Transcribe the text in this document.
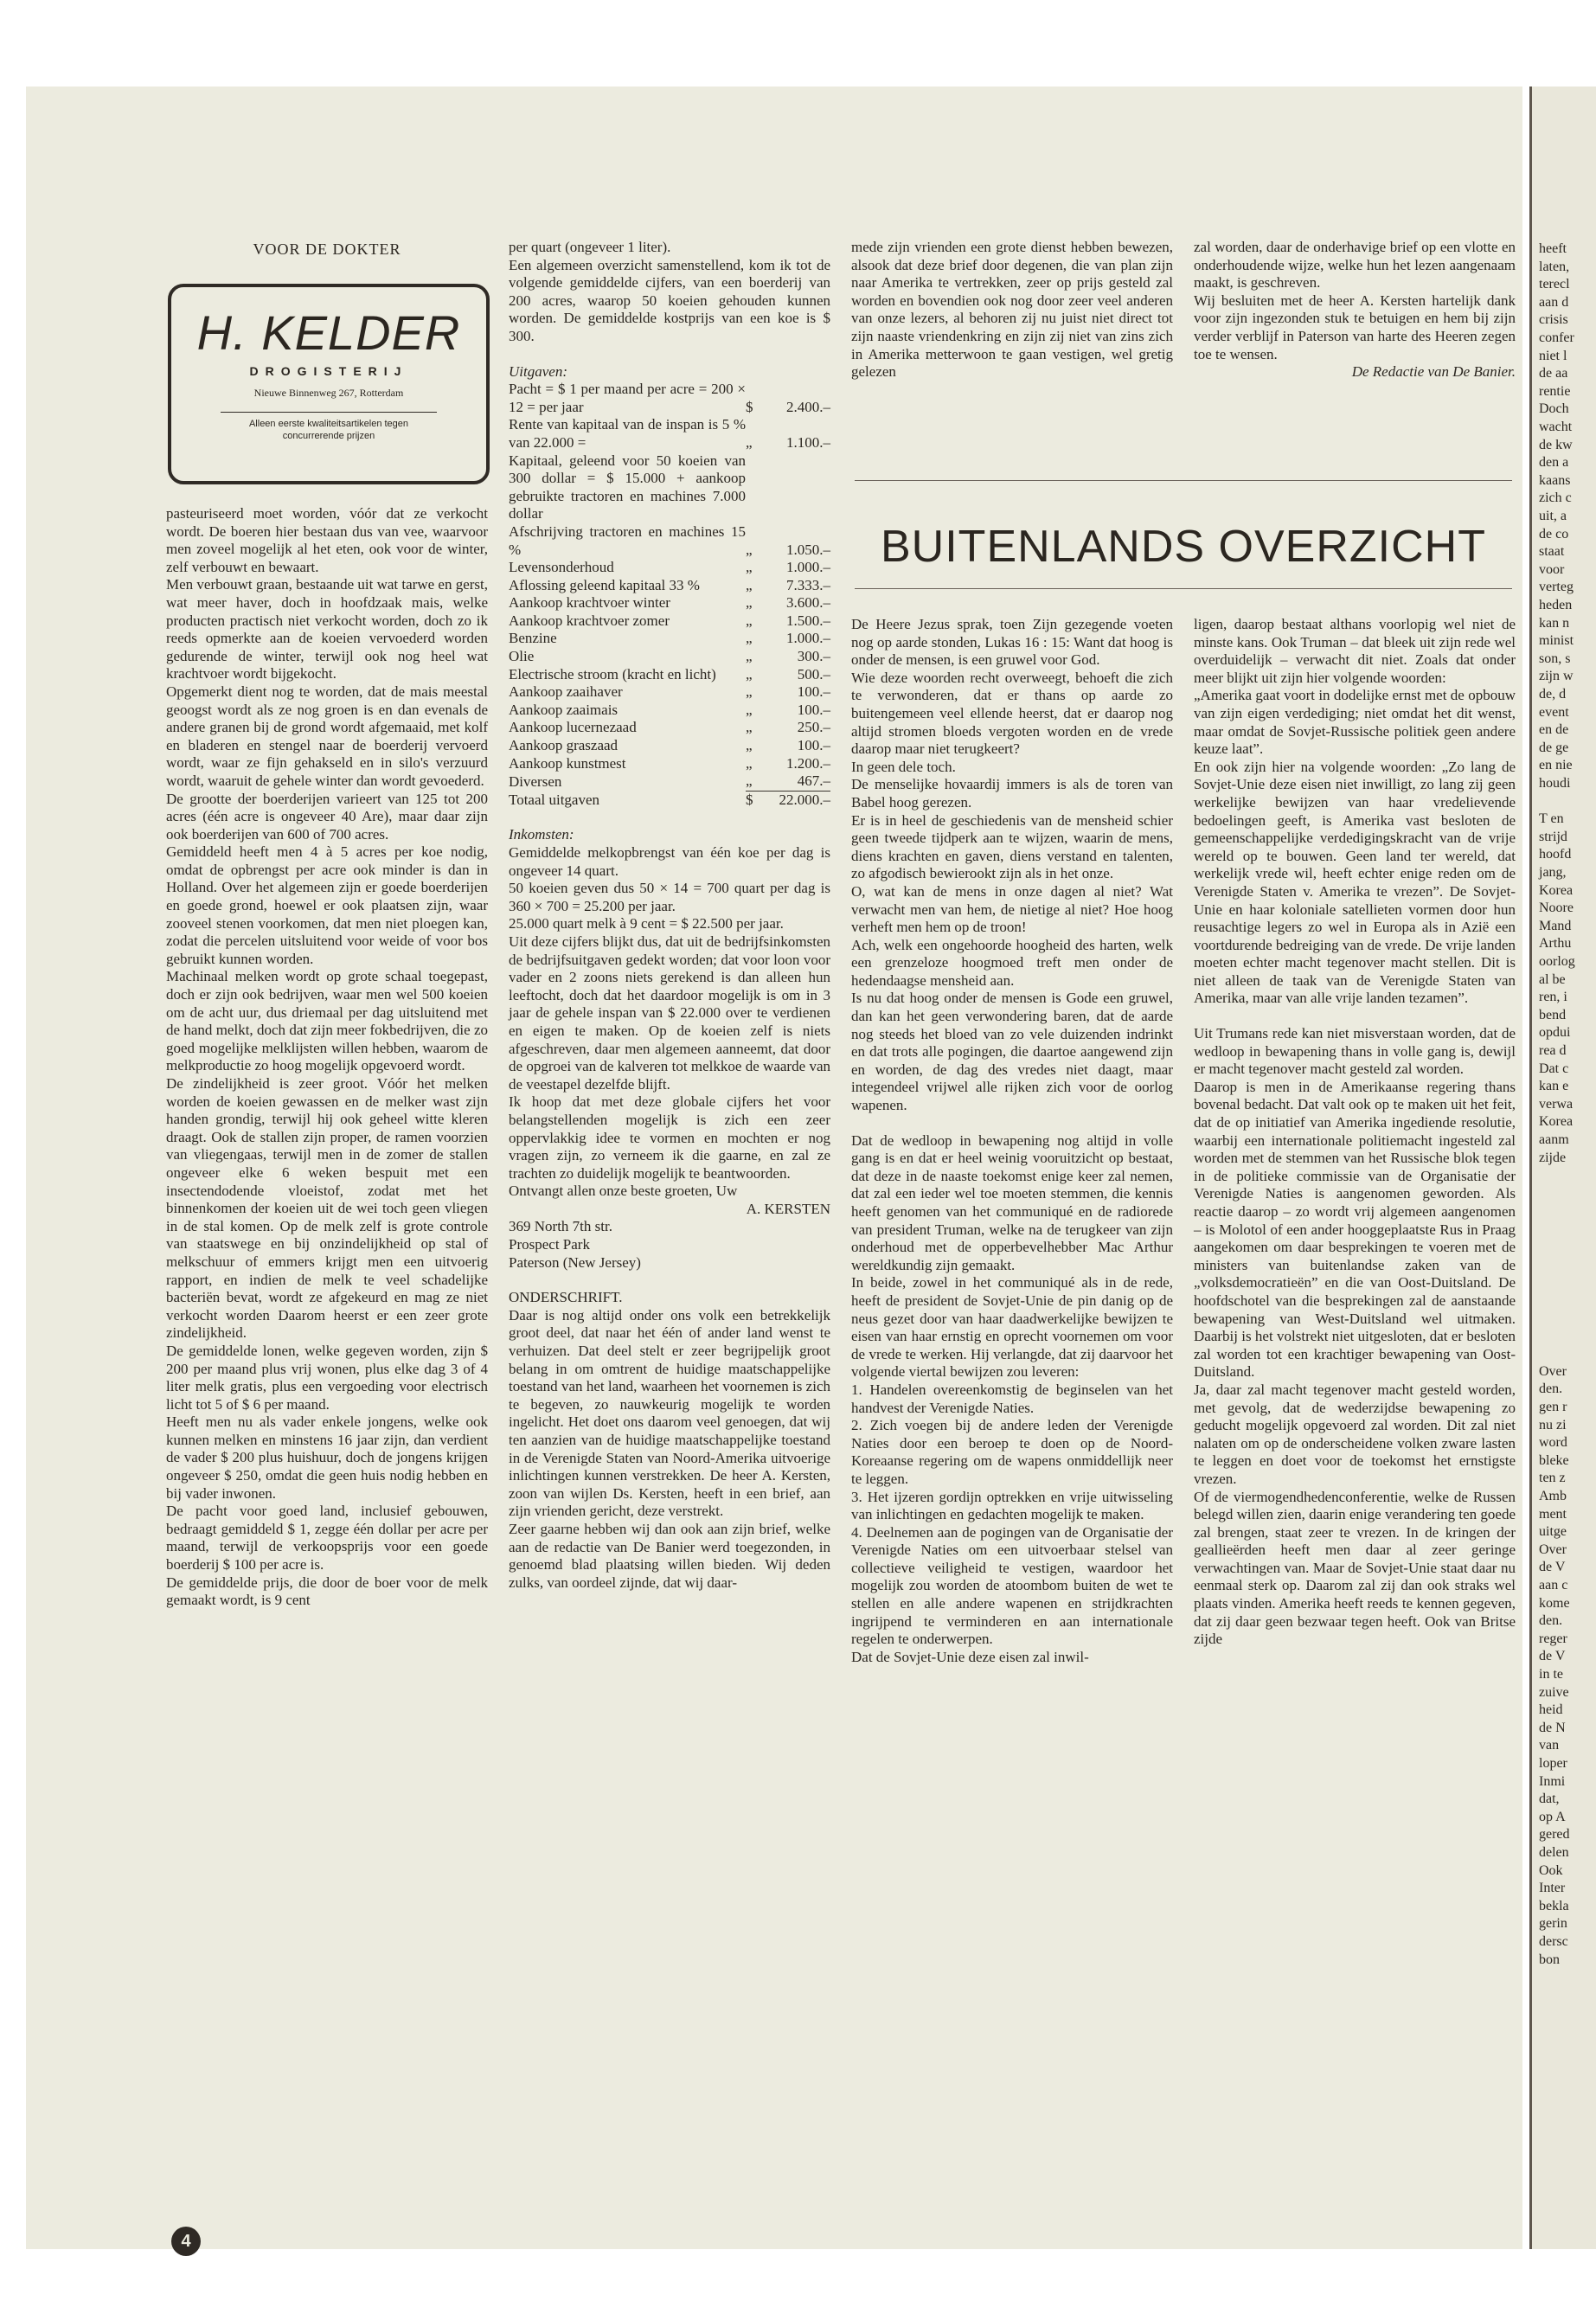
VOOR DE DOKTER
H. KELDER
DROGISTERIJ
Nieuwe Binnenweg 267, Rotterdam
Alleen eerste kwaliteitsartikelen tegen concurrerende prijzen

pasteuriseerd moet worden, vóór dat ze verkocht wordt. De boeren hier bestaan dus van vee, waarvoor men zoveel mogelijk al het eten, ook voor de winter, zelf verbouwt en bewaart.

Men verbouwt graan, bestaande uit wat tarwe en gerst, wat meer haver, doch in hoofdzaak mais, welke producten practisch niet verkocht worden, doch zo ik reeds opmerkte aan de koeien vervoederd worden gedurende de winter, terwijl ook nog heel wat krachtvoer wordt bijgekocht.

Opgemerkt dient nog te worden, dat de mais meestal geoogst wordt als ze nog groen is en dan evenals de andere granen bij de grond wordt afgemaaid, met kolf en bladeren en stengel naar de boerderij vervoerd wordt, waar ze fijn gehakseld en in silo's verzuurd wordt, waaruit de gehele winter dan wordt gevoederd.

De grootte der boerderijen varieert van 125 tot 200 acres (één acre is ongeveer 40 Are), maar daar zijn ook boerderijen van 600 of 700 acres.

Gemiddeld heeft men 4 à 5 acres per koe nodig, omdat de opbrengst per acre ook minder is dan in Holland. Over het algemeen zijn er goede boerderijen en goede grond, hoewel er ook plaatsen zijn, waar zooveel stenen voorkomen, dat men niet ploegen kan, zodat die percelen uitsluitend voor weide of voor bos gebruikt kunnen worden.

Machinaal melken wordt op grote schaal toegepast, doch er zijn ook bedrijven, waar men wel 500 koeien om de acht uur, dus driemaal per dag uitsluitend met de hand melkt, doch dat zijn meer fokbedrijven, die zo goed mogelijke melklijsten willen hebben, waarom de melkproductie zo hoog mogelijk opgevoerd wordt.

De zindelijkheid is zeer groot. Vóór het melken worden de koeien gewassen en de melker wast zijn handen grondig, terwijl hij ook geheel witte kleren draagt. Ook de stallen zijn proper, de ramen voorzien van vliegengaas, terwijl men in de zomer de stallen ongeveer elke 6 weken bespuit met een insectendodende vloeistof, zodat met het binnenkomen der koeien uit de wei toch geen vliegen in de stal komen. Op de melk zelf is grote controle van staatswege en bij onzindelijkheid op stal of melkschuur of emmers krijgt men een uitvoerig rapport, en indien de melk te veel schadelijke bacteriën bevat, wordt ze afgekeurd en mag ze niet verkocht worden Daarom heerst er een zeer grote zindelijkheid.

De gemiddelde lonen, welke gegeven worden, zijn $ 200 per maand plus vrij wonen, plus elke dag 3 of 4 liter melk gratis, plus een vergoeding voor electrisch licht tot 5 of $ 6 per maand.

Heeft men nu als vader enkele jongens, welke ook kunnen melken en minstens 16 jaar zijn, dan verdient de vader $ 200 plus huishuur, doch de jongens krijgen ongeveer $ 250, omdat die geen huis nodig hebben en bij vader inwonen.

De pacht voor goed land, inclusief gebouwen, bedraagt gemiddeld $ 1, zegge één dollar per acre per maand, terwijl de verkoopsprijs voor een goede boerderij $ 100 per acre is.

De gemiddelde prijs, die door de boer voor de melk gemaakt wordt, is 9 cent

per quart (ongeveer 1 liter).

Een algemeen overzicht samenstellend, kom ik tot de volgende gemiddelde cijfers, van een boerderij van 200 acres, waarop 50 koeien gehouden kunnen worden. De gemiddelde kostprijs van een koe is $ 300.

Uitgaven:

Pacht = $ 1 per maand per acre = 200 × 12 = per jaar	$	2.400.–
Rente van kapitaal van de inspan is 5 % van 22.000 =	„	1.100.–
Kapitaal, geleend voor 50 koeien van 300 dollar = $ 15.000 + aankoop gebruikte tractoren en machines 7.000 dollar		
Afschrijving tractoren en machines 15 %	„	1.050.–
Levensonderhoud	„	1.000.–
Aflossing geleend kapitaal 33 %	„	7.333.–
Aankoop krachtvoer winter	„	3.600.–
Aankoop krachtvoer zomer	„	1.500.–
Benzine	„	1.000.–
Olie	„	300.–
Electrische stroom (kracht en licht)	„	500.–
Aankoop zaaihaver	„	100.–
Aankoop zaaimais	„	100.–
Aankoop lucernezaad	„	250.–
Aankoop graszaad	„	100.–
Aankoop kunstmest	„	1.200.–
Diversen	„	467.–
Totaal uitgaven	$	22.000.–

Inkomsten:

Gemiddelde melkopbrengst van één koe per dag is ongeveer 14 quart.

50 koeien geven dus 50 × 14 = 700 quart per dag is 360 × 700 = 25.200 per jaar.

25.000 quart melk à 9 cent = $ 22.500 per jaar.

Uit deze cijfers blijkt dus, dat uit de bedrijfsinkomsten de bedrijfsuitgaven gedekt worden; dat voor loon voor vader en 2 zoons niets gerekend is dan alleen hun leeftocht, doch dat het daardoor mogelijk is om in 3 jaar de gehele inspan van $ 22.000 over te verdienen en eigen te maken. Op de koeien zelf is niets afgeschreven, daar men algemeen aanneemt, dat door de opgroei van de kalveren tot melkkoe de waarde van de veestapel dezelfde blijft.

Ik hoop dat met deze globale cijfers het voor belangstellenden mogelijk is zich een zeer oppervlakkig idee te vormen en mochten er nog vragen zijn, zo verneem ik die gaarne, en zal ze trachten zo duidelijk mogelijk te beantwoorden.

Ontvangt allen onze beste groeten, Uw

A. KERSTEN

369 North 7th str.

Prospect Park

Paterson (New Jersey)

ONDERSCHRIFT.

Daar is nog altijd onder ons volk een betrekkelijk groot deel, dat naar het één of ander land wenst te verhuizen. Dat deel stelt er zeer begrijpelijk groot belang in om omtrent de huidige maatschappelijke toestand van het land, waarheen het voornemen is zich te begeven, zo nauwkeurig mogelijk te worden ingelicht. Het doet ons daarom veel genoegen, dat wij ten aanzien van de huidige maatschappelijke toestand in de Verenigde Staten van Noord-Amerika uitvoerige inlichtingen kunnen verstrekken. De heer A. Kersten, zoon van wijlen Ds. Kersten, heeft in een brief, aan zijn vrienden gericht, deze verstrekt.

Zeer gaarne hebben wij dan ook aan zijn brief, welke aan de redactie van De Banier werd toegezonden, in genoemd blad plaatsing willen bieden. Wij deden zulks, van oordeel zijnde, dat wij daar-

mede zijn vrienden een grote dienst hebben bewezen, alsook dat deze brief door degenen, die van plan zijn naar Amerika te vertrekken, zeer op prijs gesteld zal worden en bovendien ook nog door zeer veel anderen van onze lezers, al behoren zij nu juist niet direct tot zijn naaste vriendenkring en zijn zij niet van zins zich in Amerika metterwoon te gaan vestigen, wel gretig gelezen

zal worden, daar de onderhavige brief op een vlotte en onderhoudende wijze, welke hun het lezen aangenaam maakt, is geschreven.

Wij besluiten met de heer A. Kersten hartelijk dank voor zijn ingezonden stuk te betuigen en hem bij zijn verder verblijf in Paterson van harte des Heeren zegen toe te wensen.

De Redactie van De Banier.

BUITENLANDS OVERZICHT

De Heere Jezus sprak, toen Zijn gezegende voeten nog op aarde stonden, Lukas 16 : 15: Want dat hoog is onder de mensen, is een gruwel voor God.

Wie deze woorden recht overweegt, behoeft die zich te verwonderen, dat er thans op aarde zo buitengemeen veel ellende heerst, dat er daarop nog altijd stromen bloeds vergoten worden en de vrede daarop maar niet terugkeert?

In geen dele toch.

De menselijke hovaardij immers is als de toren van Babel hoog gerezen.

Er is in heel de geschiedenis van de mensheid schier geen tweede tijdperk aan te wijzen, waarin de mens, diens krachten en gaven, diens verstand en talenten, zo afgodisch bewierookt zijn als in het onze.

O, wat kan de mens in onze dagen al niet? Wat verwacht men van hem, de nietige al niet? Hoe hoog verheft men hem op de troon!

Ach, welk een ongehoorde hoogheid des harten, welk een grenzeloze hoogmoed treft men onder de hedendaagse mensheid aan.

Is nu dat hoog onder de mensen is Gode een gruwel, dan kan het geen verwondering baren, dat de aarde nog steeds het bloed van zo vele duizenden indrinkt en dat trots alle pogingen, die daartoe aangewend zijn en worden, de dag des vredes niet daagt, maar integendeel vrijwel alle rijken zich voor de oorlog wapenen.

Dat de wedloop in bewapening nog altijd in volle gang is en dat er heel weinig vooruitzicht op bestaat, dat deze in de naaste toekomst enige keer zal nemen, dat zal een ieder wel toe moeten stemmen, die kennis heeft genomen van het communiqué en de radiorede van president Truman, welke na de terugkeer van zijn onderhoud met de opperbevelhebber Mac Arthur wereldkundig zijn gemaakt.

In beide, zowel in het communiqué als in de rede, heeft de president de Sovjet-Unie de pin danig op de neus gezet door van haar daadwerkelijke bewijzen te eisen van haar ernstig en oprecht voornemen om voor de vrede te werken. Hij verlangde, dat zij daarvoor het volgende viertal bewijzen zou leveren:

1. Handelen overeenkomstig de beginselen van het handvest der Verenigde Naties.

2. Zich voegen bij de andere leden der Verenigde Naties door een beroep te doen op de Noord-Koreaanse regering om de wapens onmiddellijk neer te leggen.

3. Het ijzeren gordijn optrekken en vrije uitwisseling van inlichtingen en gedachten mogelijk te maken.

4. Deelnemen aan de pogingen van de Organisatie der Verenigde Naties om een uitvoerbaar stelsel van collectieve veiligheid te vestigen, waardoor het mogelijk zou worden de atoombom buiten de wet te stellen en alle andere wapenen en strijdkrachten ingrijpend te verminderen en aan internationale regelen te onderwerpen.

Dat de Sovjet-Unie deze eisen zal inwil-

ligen, daarop bestaat althans voorlopig wel niet de minste kans. Ook Truman – dat bleek uit zijn rede wel overduidelijk – verwacht dit niet. Zoals dat onder meer blijkt uit zijn hier volgende woorden:

„Amerika gaat voort in dodelijke ernst met de opbouw van zijn eigen verdediging; niet omdat het dit wenst, maar omdat de Sovjet-Russische politiek geen andere keuze laat”.

En ook zijn hier na volgende woorden: „Zo lang de Sovjet-Unie deze eisen niet inwilligt, zo lang zij geen werkelijke bewijzen van haar vredelievende bedoelingen geeft, is Amerika vast besloten de gemeenschappelijke verdedigingskracht van de vrije wereld op te bouwen. Geen land ter wereld, dat werkelijk vrede wil, heeft echter enige reden om de Verenigde Staten v. Amerika te vrezen”. De Sovjet-Unie en haar koloniale satellieten vormen door hun reusachtige legers zo wel in Europa als in Azië een voortdurende bedreiging van de vrede. De vrije landen moeten echter macht tegenover macht stellen. Dit is niet alleen de taak van de Verenigde Staten van Amerika, maar van alle vrije landen tezamen”.

Uit Trumans rede kan niet misverstaan worden, dat de wedloop in bewapening thans in volle gang is, dewijl er macht tegenover macht gesteld zal worden.

Daarop is men in de Amerikaanse regering thans bovenal bedacht. Dat valt ook op te maken uit het feit, dat de op initiatief van Amerika ingediende resolutie, waarbij een internationale politiemacht ingesteld zal worden met de stemmen van het Russische blok tegen in de politieke commissie van de Organisatie der Verenigde Naties is aangenomen geworden. Als reactie daarop – zo wordt vrij algemeen aangenomen – is Molotol of een ander hooggeplaatste Rus in Praag aangekomen om daar besprekingen te voeren met de ministers van buitenlandse zaken van de „volksdemocratieën” en die van Oost-Duitsland. De hoofdschotel van die besprekingen zal de aanstaande bewapening van West-Duitsland wel uitmaken. Daarbij is het volstrekt niet uitgesloten, dat er besloten zal worden tot een krachtiger bewapening van Oost-Duitsland.

Ja, daar zal macht tegenover macht gesteld worden, met gevolg, dat de wederzijdse bewapening zo geducht mogelijk opgevoerd zal worden. Dit zal niet nalaten om op de onderscheidene volken zware lasten te leggen en doet voor de toekomst het ernstigste vrezen.

Of de viermogendhedenconferentie, welke de Russen belegd willen zien, daarin enige verandering ten goede zal brengen, staat zeer te vrezen. In de kringen der geallieërden heeft men daar al zeer geringe verwachtingen van. Maar de Sovjet-Unie staat daar nu eenmaal sterk op. Daarom zal zij dan ook straks wel plaats vinden. Amerika heeft reeds te kennen gegeven, dat zij daar geen bezwaar tegen heeft. Ook van Britse zijde

4
heeft
laten,
terecl
aan d
crisis
confer
niet l
de aa
rentie
Doch
wacht
de kw
den a
kaans
zich c
uit, a
de co
staat
voor
verteg
heden
kan n
minist
son, s
zijn w
de, d
event
en de
de ge
en nie
houdi
T en
strijd
hoofd
jang,
Korea
Noore
Mand
Arthu
oorlog
al be
ren, i
bend
opdui
rea d
Dat c
kan e
verwa
Korea
aanm
zijde
Over
den.
gen r
nu zi
word
bleke
ten z
Amb
ment
uitge
Over
de V
aan c
kome
den.
reger
de V
in te
zuive
heid
de N
van
loper
Inmi
dat,
op A
gered
delen
Ook
Inter
bekla
gerin
dersc
bon
